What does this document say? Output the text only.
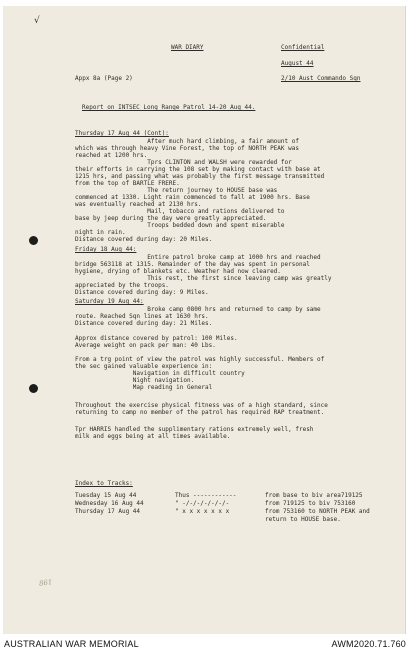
√
WAR DIARY	Confidential
August 44
2/10 Aust Commando Sqn
Appx 8a (Page 2)
Report on INTSEC Long Range Patrol 14-20 Aug 44.
Thursday 17 Aug 44 (Cont):
After much hard climbing, a fair amount of
which was through heavy Vine Forest, the top of NORTH PEAK was
reached at 1200 hrs.
Tprs CLINTON and WALSH were rewarded for
their efforts in carrying the 108 set by making contact with base at
1215 hrs, and passing what was probably the first message transmitted
from the top of BARTLE FRERE.
The return journey to HOUSE base was
commenced at 1330. Light rain commenced to fall at 1900 hrs. Base
was eventually reached at 2130 hrs.
Mail, tobacco and rations delivered to
base by jeep during the day were greatly appreciated.
Troops bedded down and spent miserable
night in rain.
Distance covered during day: 20 Miles.
Friday 18 Aug 44:
Entire patrol broke camp at 1000 hrs and reached
bridge 563118 at 1315. Remainder of the day was spent in personal
hygiene, drying of blankets etc. Weather had now cleared.
This rest, the first since leaving camp was greatly
appreciated by the troops.
Distance covered during day: 9 Miles.
Saturday 19 Aug 44:
Broke camp 0800 hrs and returned to camp by same
route. Reached Sqn lines at 1630 hrs.
Distance covered during day: 21 Miles.
Approx distance covered by patrol: 100 Miles.
Average weight on pack per man: 40 Lbs.

From a trg point of view the patrol was highly successful. Members of
the sec gained valuable experience in:
Navigation in difficult country
Night navigation.
Map reading in General
Throughout the exercise physical fitness was of a high standard, since
returning to camp no member of the patrol has required RAP treatment.
Tpr HARRIS handled the supplimentary rations extremely well, fresh
milk and eggs being at all times available.
Index to Tracks:
Tuesday 15 Aug 44	Thus ------------	from base to biv area719125
Wednesday 16 Aug 44	" -/-/-/-/-/-/-	from 719125 to biv 753160
Thursday 17 Aug 44	" x x x x x x x	from 753160 to NORTH PEAK and
return to HOUSE base.
861
AUSTRALIAN WAR MEMORIAL	AWM2020.71.760
